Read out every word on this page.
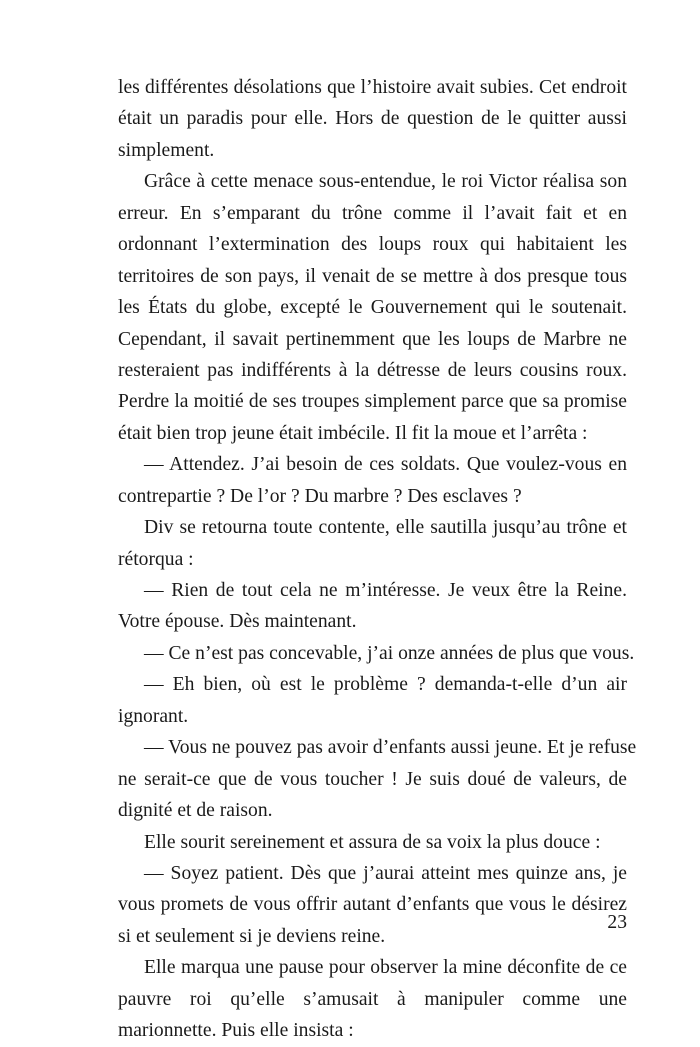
les différentes désolations que l’histoire avait subies. Cet endroit
était un paradis pour elle. Hors de question de le quitter aussi
simplement.
Grâce à cette menace sous-entendue, le roi Victor réalisa son
erreur. En s’emparant du trône comme il l’avait fait et en
ordonnant l’extermination des loups roux qui habitaient les
territoires de son pays, il venait de se mettre à dos presque tous
les États du globe, excepté le Gouvernement qui le soutenait.
Cependant, il savait pertinemment que les loups de Marbre ne
resteraient pas indifférents à la détresse de leurs cousins roux.
Perdre la moitié de ses troupes simplement parce que sa promise
était bien trop jeune était imbécile. Il fit la moue et l’arrêta :
— Attendez. J’ai besoin de ces soldats. Que voulez-vous en
contrepartie ? De l’or ? Du marbre ? Des esclaves ?
Div se retourna toute contente, elle sautilla jusqu’au trône et
rétorqua :
— Rien de tout cela ne m’intéresse. Je veux être la Reine.
Votre épouse. Dès maintenant.
— Ce n’est pas concevable, j’ai onze années de plus que vous.
— Eh bien, où est le problème ? demanda-t-elle d’un air
ignorant.
— Vous ne pouvez pas avoir d’enfants aussi jeune. Et je refuse
ne serait-ce que de vous toucher ! Je suis doué de valeurs, de
dignité et de raison.
Elle sourit sereinement et assura de sa voix la plus douce :
— Soyez patient. Dès que j’aurai atteint mes quinze ans, je
vous promets de vous offrir autant d’enfants que vous le désirez
si et seulement si je deviens reine.
Elle marqua une pause pour observer la mine déconfite de ce
pauvre roi qu’elle s’amusait à manipuler comme une
marionnette. Puis elle insista :
23
